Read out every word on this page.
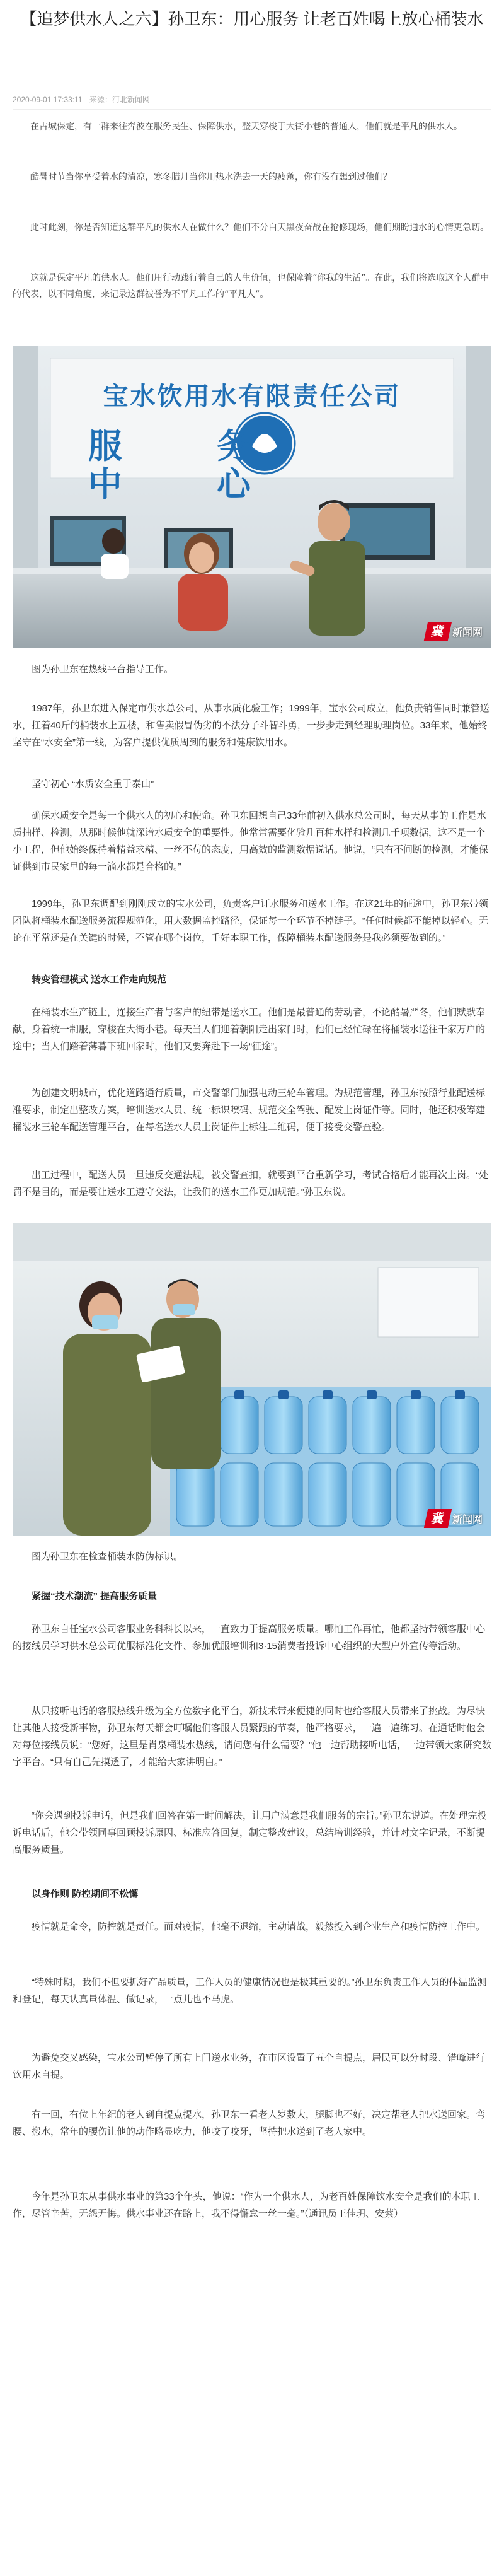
【追梦供水人之六】孙卫东：用心服务 让老百姓喝上放心桶装水
2020-09-01 17:33:11 来源：河北新闻网

在古城保定，有一群来往奔波在服务民生、保障供水，整天穿梭于大街小巷的普通人，他们就是平凡的供水人。

酷暑时节当你享受着水的清凉，寒冬腊月当你用热水洗去一天的疲惫，你有没有想到过他们？

此时此刻，你是否知道这群平凡的供水人在做什么？他们不分白天黑夜奋战在抢修现场，他们期盼通水的心情更急切。

这就是保定平凡的供水人。他们用行动践行着自己的人生价值，也保障着“你我的生活”。在此，我们将选取这个人群中的代表，以不同角度，来记录这群被誉为不平凡工作的“平凡人”。

宝水饮用水有限责任公司
服务中心
冀 新闻网

图为孙卫东在热线平台指导工作。

1987年，孙卫东进入保定市供水总公司，从事水质化验工作；1999年，宝水公司成立，他负责销售同时兼管送水，扛着40斤的桶装水上五楼，和售卖假冒伪劣的不法分子斗智斗勇，一步步走到经理助理岗位。33年来，他始终坚守在“水安全”第一线，为客户提供优质周到的服务和健康饮用水。

坚守初心 “水质安全重于泰山”

确保水质安全是每一个供水人的初心和使命。孙卫东回想自己33年前初入供水总公司时，每天从事的工作是水质抽样、检测，从那时候他就深谙水质安全的重要性。他常常需要化验几百种水样和检测几千项数据，这不是一个小工程，但他始终保持着精益求精、一丝不苟的态度，用高效的监测数据说话。他说，“只有不间断的检测，才能保证供到市民家里的每一滴水都是合格的。”

1999年，孙卫东调配到刚刚成立的宝水公司，负责客户订水服务和送水工作。在这21年的征途中，孙卫东带领团队将桶装水配送服务流程规范化，用大数据监控路径，保证每一个环节不掉链子。“任何时候都不能掉以轻心。无论在平常还是在关键的时候，不管在哪个岗位，手好本职工作，保障桶装水配送服务是我必须要做到的。”

转变管理模式 送水工作走向规范

在桶装水生产链上，连接生产者与客户的纽带是送水工。他们是最普通的劳动者，不论酷暑严冬，他们默默奉献，身着统一制服，穿梭在大街小巷。每天当人们迎着朝阳走出家门时，他们已经忙碌在将桶装水送往千家万户的途中；当人们踏着薄暮下班回家时，他们又要奔赴下一场“征途”。

为创建文明城市，优化道路通行质量，市交警部门加强电动三轮车管理。为规范管理，孙卫东按照行业配送标准要求，制定出整改方案，培训送水人员、统一标识喷码、规范交全驾驶、配发上岗证件等。同时，他还积极筹建桶装水三轮车配送管理平台，在每名送水人员上岗证件上标注二维码，便于接受交警查验。

出工过程中，配送人员一旦违反交通法规，被交警查扣，就要到平台重新学习，考试合格后才能再次上岗。“处罚不是目的，而是要让送水工遵守交法，让我们的送水工作更加规范。”孙卫东说。

冀 新闻网

图为孙卫东在检查桶装水防伪标识。

紧握“技术潮流” 提高服务质量

孙卫东自任宝水公司客服业务科科长以来，一直致力于提高服务质量。哪怕工作再忙，他都坚持带领客服中心的接线员学习供水总公司优服标准化文件、参加优服培训和3·15消费者投诉中心组织的大型户外宣传等活动。

从只接听电话的客服热线升级为全方位数字化平台，新技术带来便捷的同时也给客服人员带来了挑战。为尽快让其他人接受新事物，孙卫东每天都会叮嘱他们客服人员紧跟的节奏，他严格要求，一遍一遍练习。在通话时他会对每位接线员说：“您好，这里是肖泉桶装水热线，请问您有什么需要？”他一边帮助接听电话，一边带领大家研究数字平台。“只有自己先摸透了，才能给大家讲明白。”

“你会遇到投诉电话，但是我们回答在第一时间解决，让用户满意是我们服务的宗旨。”孙卫东说道。在处理完投诉电话后，他会带领同事回顾投诉原因、标准应答回复，制定整改建议，总结培训经验，并针对文字记录，不断提高服务质量。

以身作则 防控期间不松懈

疫情就是命令，防控就是责任。面对疫情，他毫不退缩，主动请战，毅然投入到企业生产和疫情防控工作中。

“特殊时期，我们不但要抓好产品质量，工作人员的健康情况也是极其重要的。”孙卫东负责工作人员的体温监测和登记，每天认真量体温、做记录，一点儿也不马虎。

为避免交叉感染，宝水公司暂停了所有上门送水业务，在市区设置了五个自提点，居民可以分时段、错峰进行饮用水自提。

有一回，有位上年纪的老人到自提点提水，孙卫东一看老人岁数大，腿脚也不好，决定帮老人把水送回家。弯腰、搬水，常年的腰伤让他的动作略显吃力，他咬了咬牙，坚持把水送到了老人家中。

今年是孙卫东从事供水事业的第33个年头，他说：“作为一个供水人，为老百姓保障饮水安全是我们的本职工作，尽管辛苦，无怨无悔。供水事业还在路上，我不得懈怠一丝一毫。”（通讯员王佳玥、安萦）
